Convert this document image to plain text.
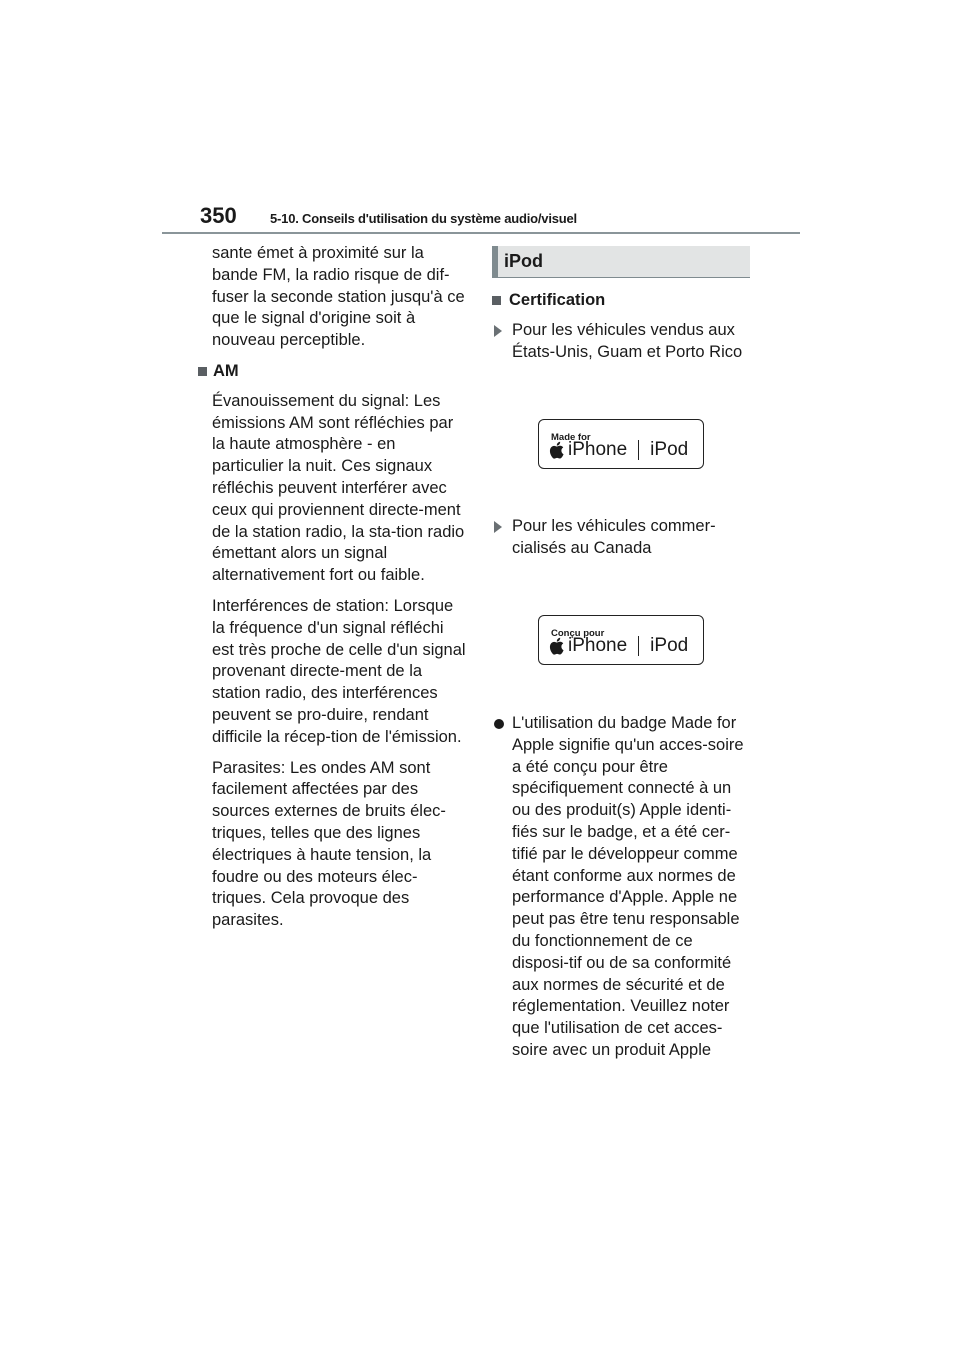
350	5-10. Conseils d'utilisation du système audio/visuel

sante émet à proximité sur la bande FM, la radio risque de dif-fuser la seconde station jusqu'à ce que le signal d'origine soit à nouveau perceptible.

AM

Évanouissement du signal: Les émissions AM sont réfléchies par la haute atmosphère - en particulier la nuit. Ces signaux réfléchis peuvent interférer avec ceux qui proviennent directe-ment de la station radio, la sta-tion radio émettant alors un signal alternativement fort ou faible.

Interférences de station: Lorsque la fréquence d'un signal réfléchi est très proche de celle d'un signal provenant directe-ment de la station radio, des interférences peuvent se pro-duire, rendant difficile la récep-tion de l'émission.

Parasites: Les ondes AM sont facilement affectées par des sources externes de bruits élec-triques, telles que des lignes électriques à haute tension, la foudre ou des moteurs élec-triques. Cela provoque des parasites.

iPod
Certification
Pour les véhicules vendus aux États-Unis, Guam et Porto Rico
Made for
iPhone iPod
Pour les véhicules commer-cialisés au Canada
Conçu pour
iPhone iPod
L'utilisation du badge Made for Apple signifie qu'un acces-soire a été conçu pour être spécifiquement connecté à un ou des produit(s) Apple identi-fiés sur le badge, et a été cer-tifié par le développeur comme étant conforme aux normes de performance d'Apple. Apple ne peut pas être tenu responsable du fonctionnement de ce disposi-tif ou de sa conformité aux normes de sécurité et de réglementation. Veuillez noter que l'utilisation de cet acces-soire avec un produit Apple
